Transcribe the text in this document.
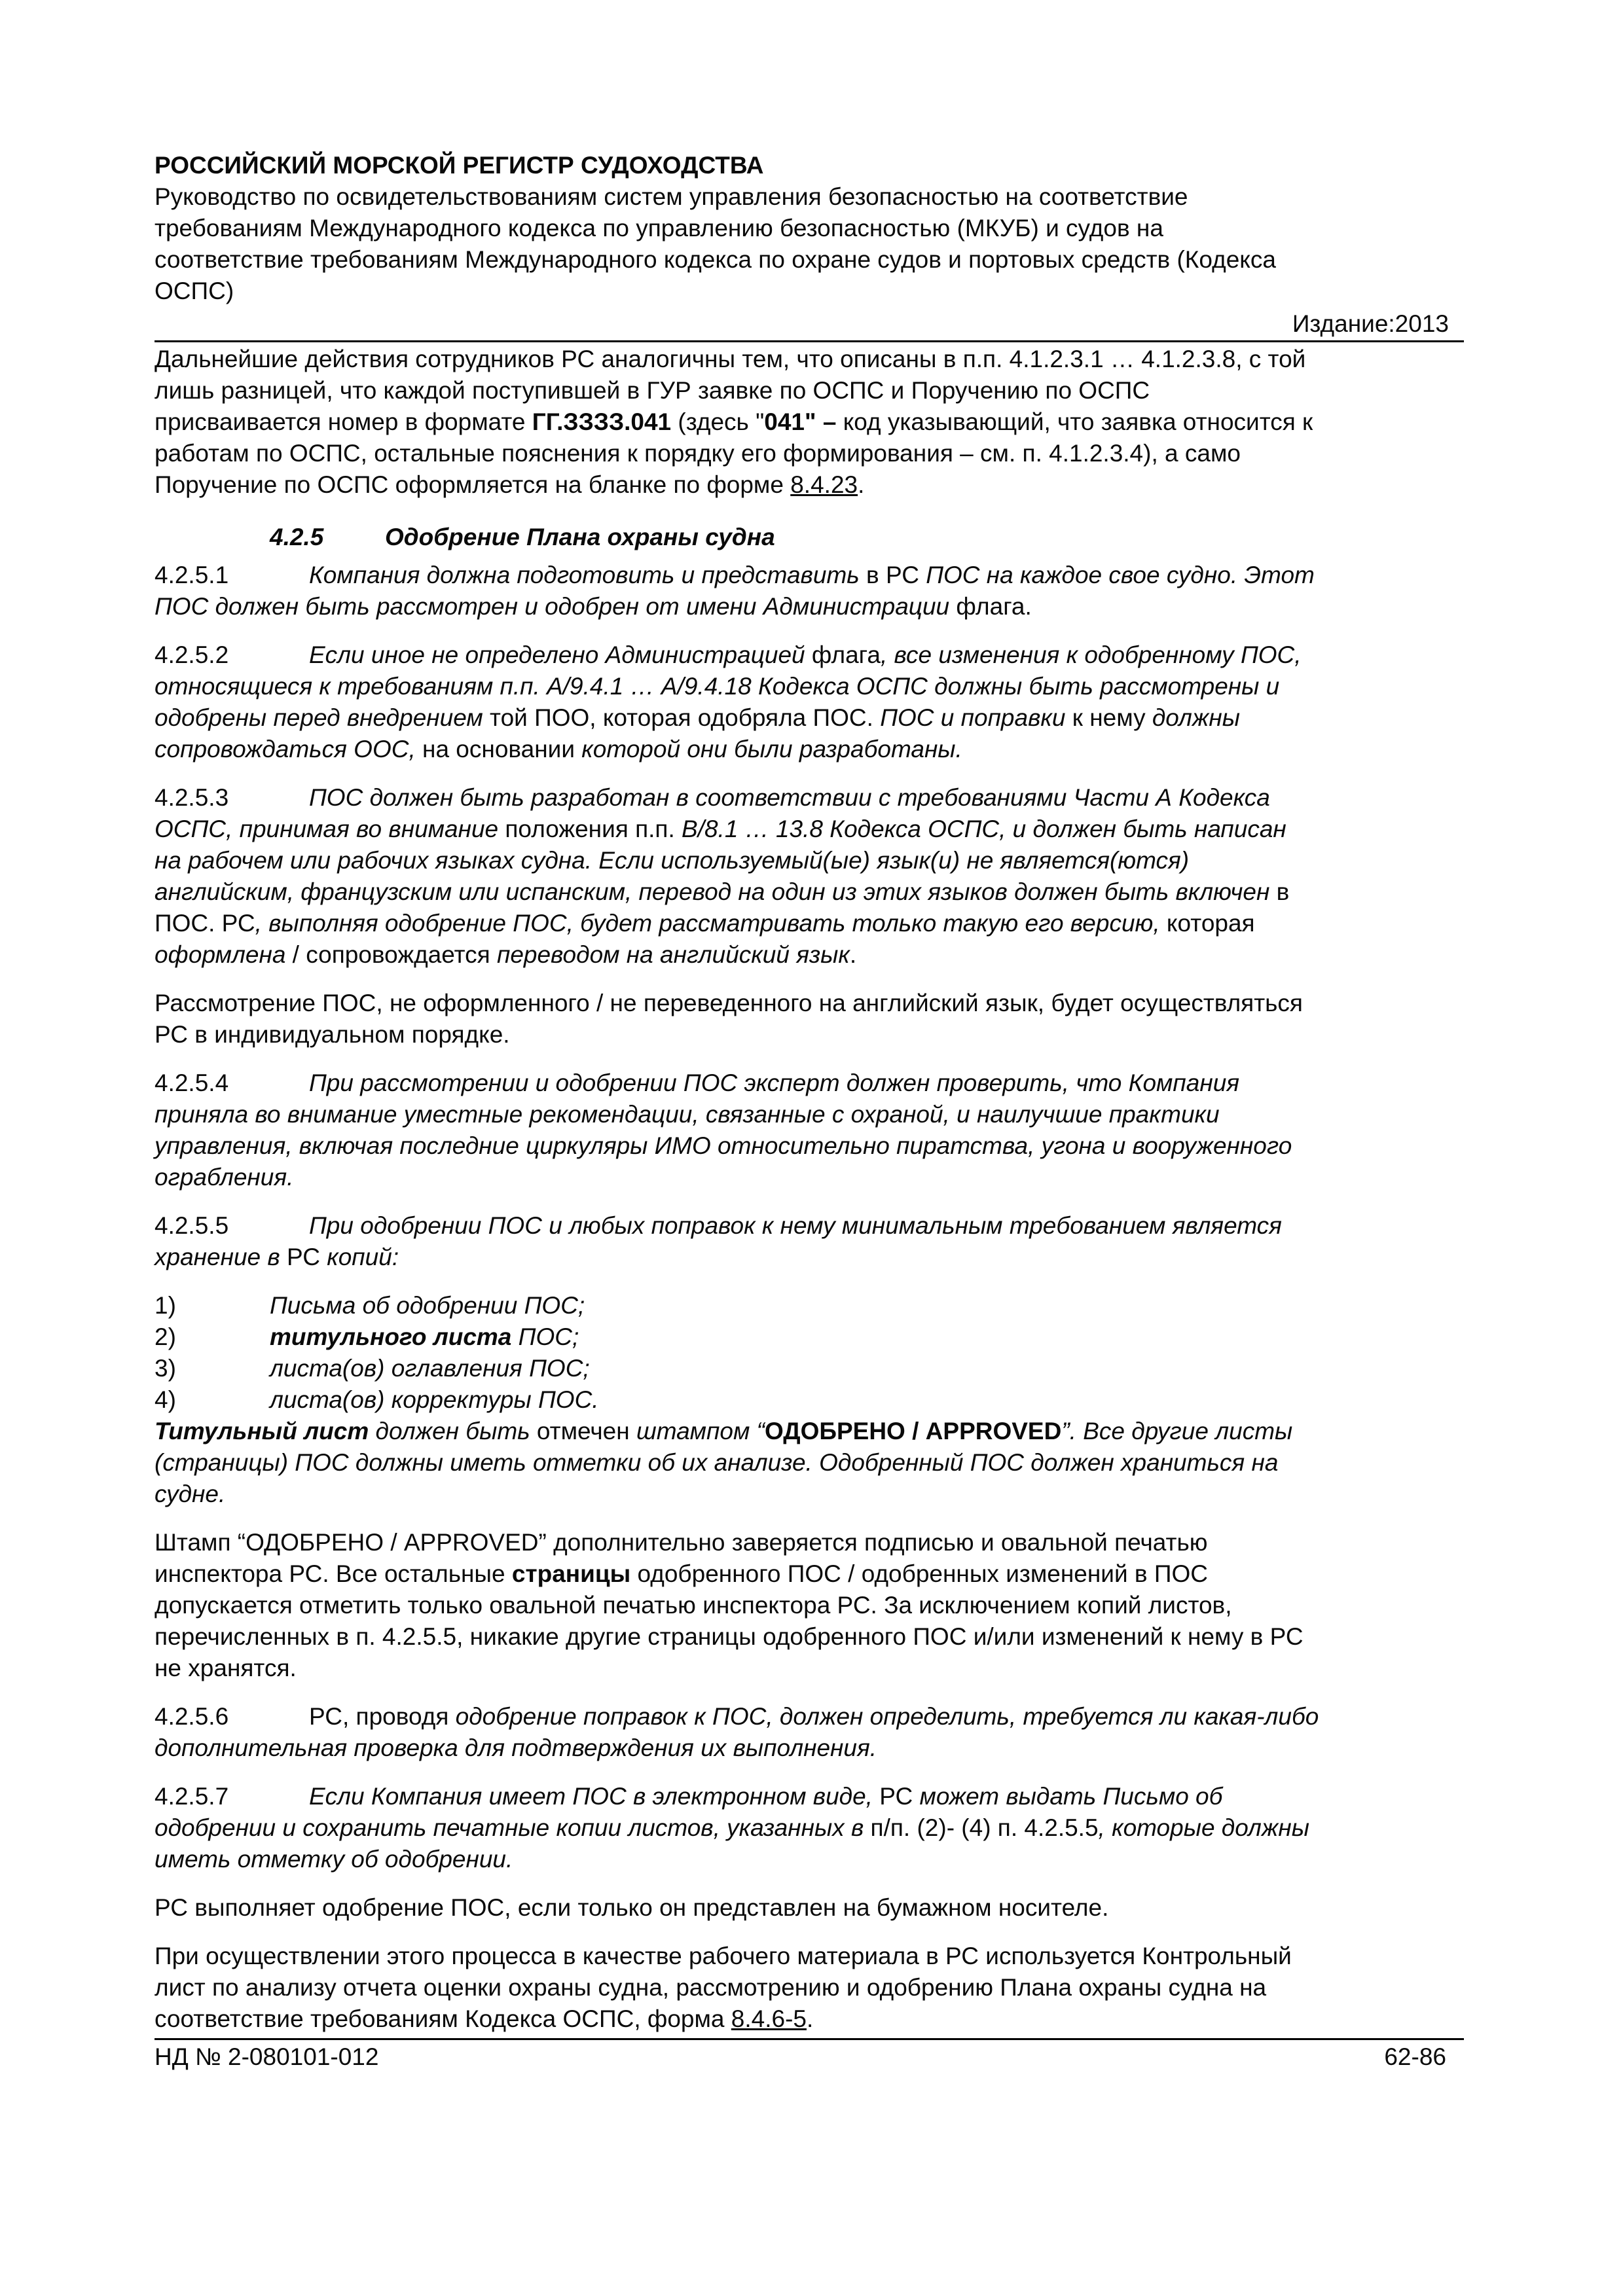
РОССИЙСКИЙ МОРСКОЙ РЕГИСТР СУДОХОДСТВА
Руководство по освидетельствованиям систем управления безопасностью на соответствие
требованиям Международного кодекса по управлению безопасностью (МКУБ) и судов на
соответствие требованиям Международного кодекса по охране судов и портовых средств (Кодекса
ОСПС)
Издание:2013
Дальнейшие действия сотрудников РС аналогичны тем, что описаны в п.п. 4.1.2.3.1 … 4.1.2.3.8, с той
лишь разницей, что каждой поступившей в ГУР заявке по ОСПС и Поручению по ОСПС
присваивается номер в формате ГГ.ЗЗЗЗ.041 (здесь "041" – код указывающий, что заявка относится к
работам по ОСПС, остальные пояснения к порядку его формирования – см. п. 4.1.2.3.4), а само
Поручение по ОСПС оформляется на бланке по форме 8.4.23.
4.2.5	Одобрение Плана охраны судна
4.2.5.1	Компания должна подготовить и представить в РС ПОС на каждое свое судно. Этот
ПОС должен быть рассмотрен и одобрен от имени Администрации флага.
4.2.5.2	Если иное не определено Администрацией флага, все изменения к одобренному ПОС,
относящиеся к требованиям п.п. А/9.4.1 … А/9.4.18 Кодекса ОСПС должны быть рассмотрены и
одобрены перед внедрением той ПОО, которая одобряла ПОС. ПОС и поправки к нему должны
сопровождаться ООС, на основании которой они были разработаны.
4.2.5.3	ПОС должен быть разработан в соответствии с требованиями Части А Кодекса
ОСПС, принимая во внимание положения п.п. В/8.1 … 13.8 Кодекса ОСПС, и должен быть написан
на рабочем или рабочих языках судна. Если используемый(ые) язык(и) не является(ются)
английским, французским или испанским, перевод на один из этих языков должен быть включен в
ПОС. РС, выполняя одобрение ПОС, будет рассматривать только такую его версию, которая
оформлена / сопровождается переводом на английский язык.
Рассмотрение ПОС, не оформленного / не переведенного на английский язык, будет осуществляться
РС в индивидуальном порядке.
4.2.5.4	При рассмотрении и одобрении ПОС эксперт должен проверить, что Компания
приняла во внимание уместные рекомендации, связанные с охраной, и наилучшие практики
управления, включая последние циркуляры ИМО относительно пиратства, угона и вооруженного
ограбления.
4.2.5.5	При одобрении ПОС и любых поправок к нему минимальным требованием является
хранение в РС копий:
1)	Письма об одобрении ПОС;
2)	титульного листа ПОС;
3)	листа(ов) оглавления ПОС;
4)	листа(ов) корректуры ПОС.
Титульный лист должен быть отмечен штампом “ОДОБРЕНО / APPROVED”. Все другие листы
(страницы) ПОС должны иметь отметки об их анализе. Одобренный ПОС должен храниться на
судне.
Штамп “ОДОБРЕНО / APPROVED” дополнительно заверяется подписью и овальной печатью
инспектора РС. Все остальные страницы одобренного ПОС / одобренных изменений в ПОС
допускается отметить только овальной печатью инспектора РС. За исключением копий листов,
перечисленных в п. 4.2.5.5, никакие другие страницы одобренного ПОС и/или изменений к нему в РС
не хранятся.
4.2.5.6	РС, проводя одобрение поправок к ПОС, должен определить, требуется ли какая-либо
дополнительная проверка для подтверждения их выполнения.
4.2.5.7	Если Компания имеет ПОС в электронном виде, РС может выдать Письмо об
одобрении и сохранить печатные копии листов, указанных в п/п. (2)- (4) п. 4.2.5.5, которые должны
иметь отметку об одобрении.
РС выполняет одобрение ПОС, если только он представлен на бумажном носителе.
При осуществлении этого процесса в качестве рабочего материала в РС используется Контрольный
лист по анализу отчета оценки охраны судна, рассмотрению и одобрению Плана охраны судна на
соответствие требованиям Кодекса ОСПС, форма 8.4.6-5.
НД № 2-080101-012	62-86
